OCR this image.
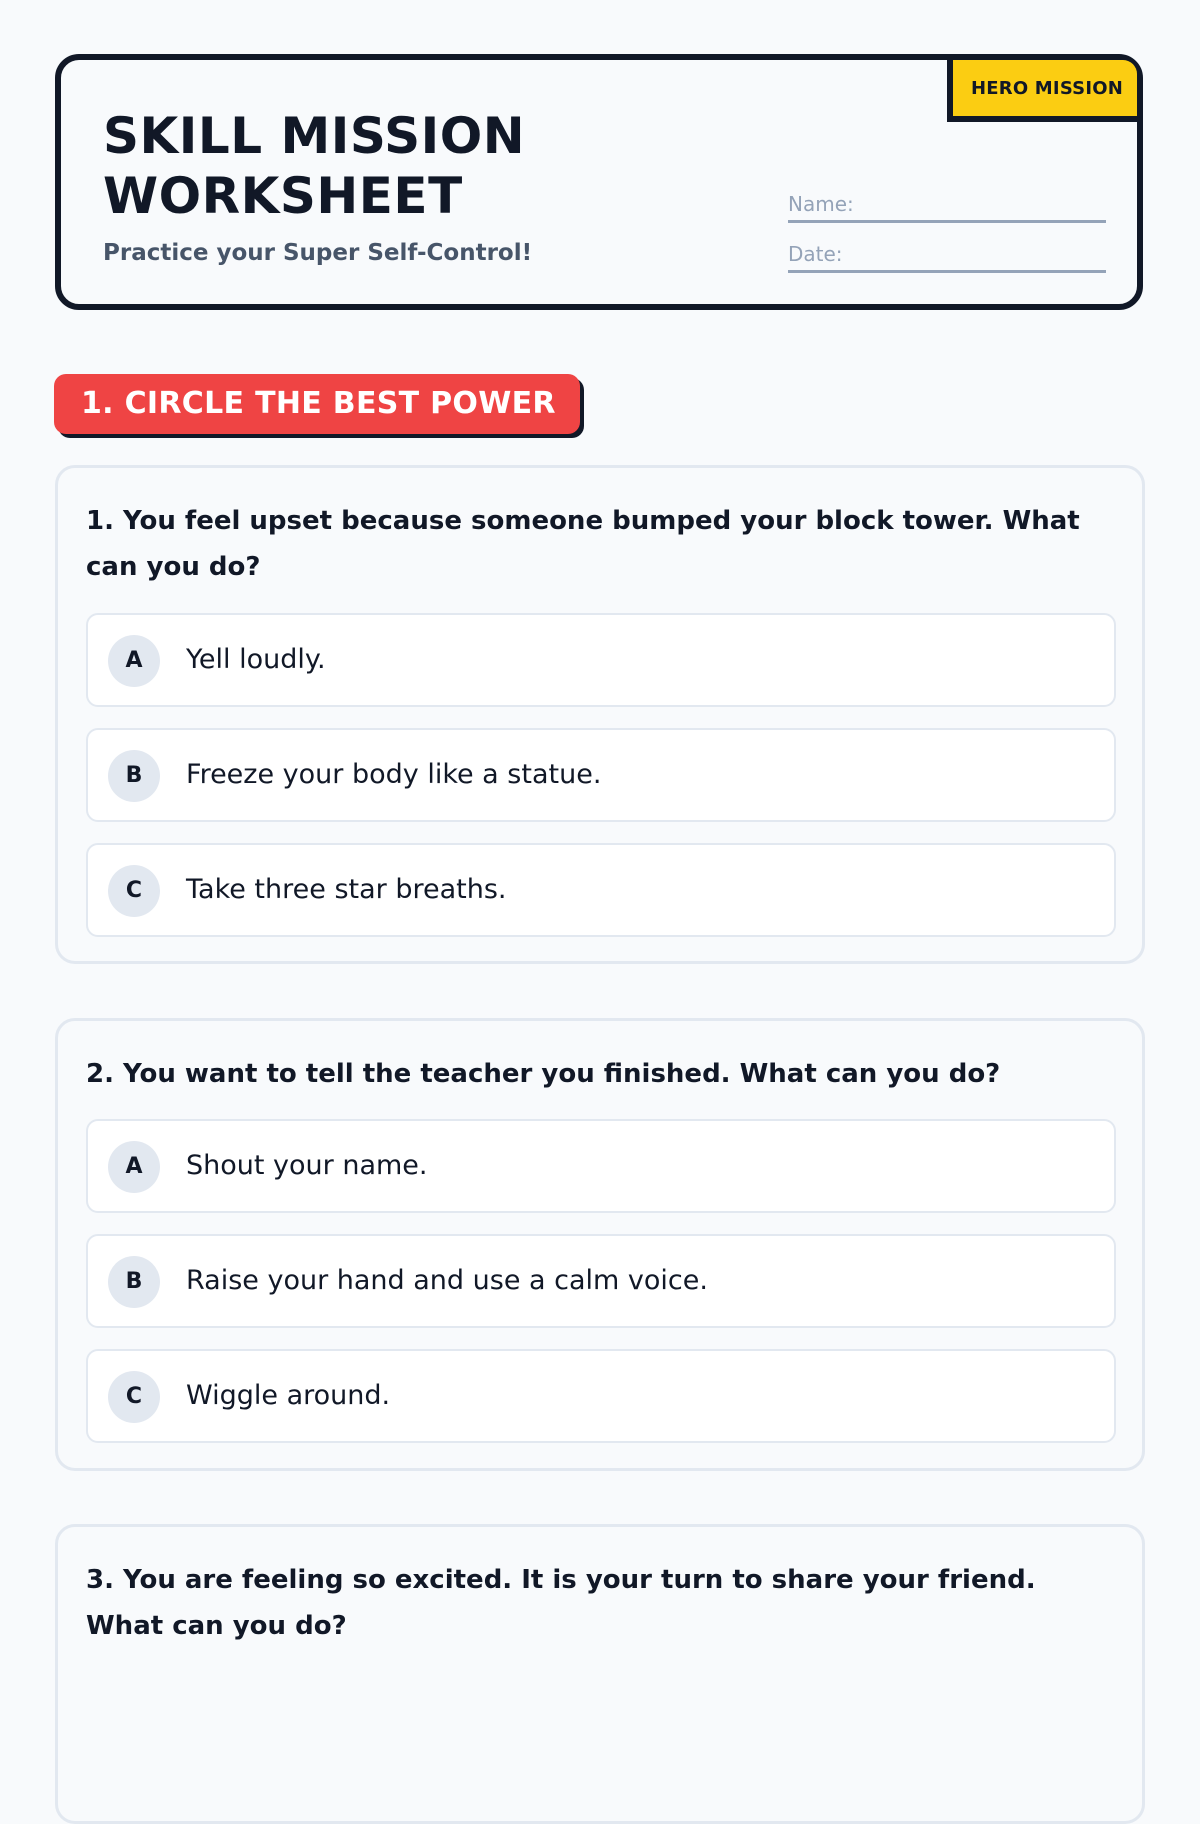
HERO MISSION
SKILL MISSION WORKSHEET
Practice your Super Self-Control!
Name:
Date:
1. CIRCLE THE BEST POWER

1. You feel upset because someone bumped your block tower. What can you do?

A	Yell loudly.
B	Freeze your body like a statue.
C	Take three star breaths.

2. You want to tell the teacher you finished. What can you do?

A	Shout your name.
B	Raise your hand and use a calm voice.
C	Wiggle around.

3. You are feeling so excited. It is your turn to share your friend. What can you do?
